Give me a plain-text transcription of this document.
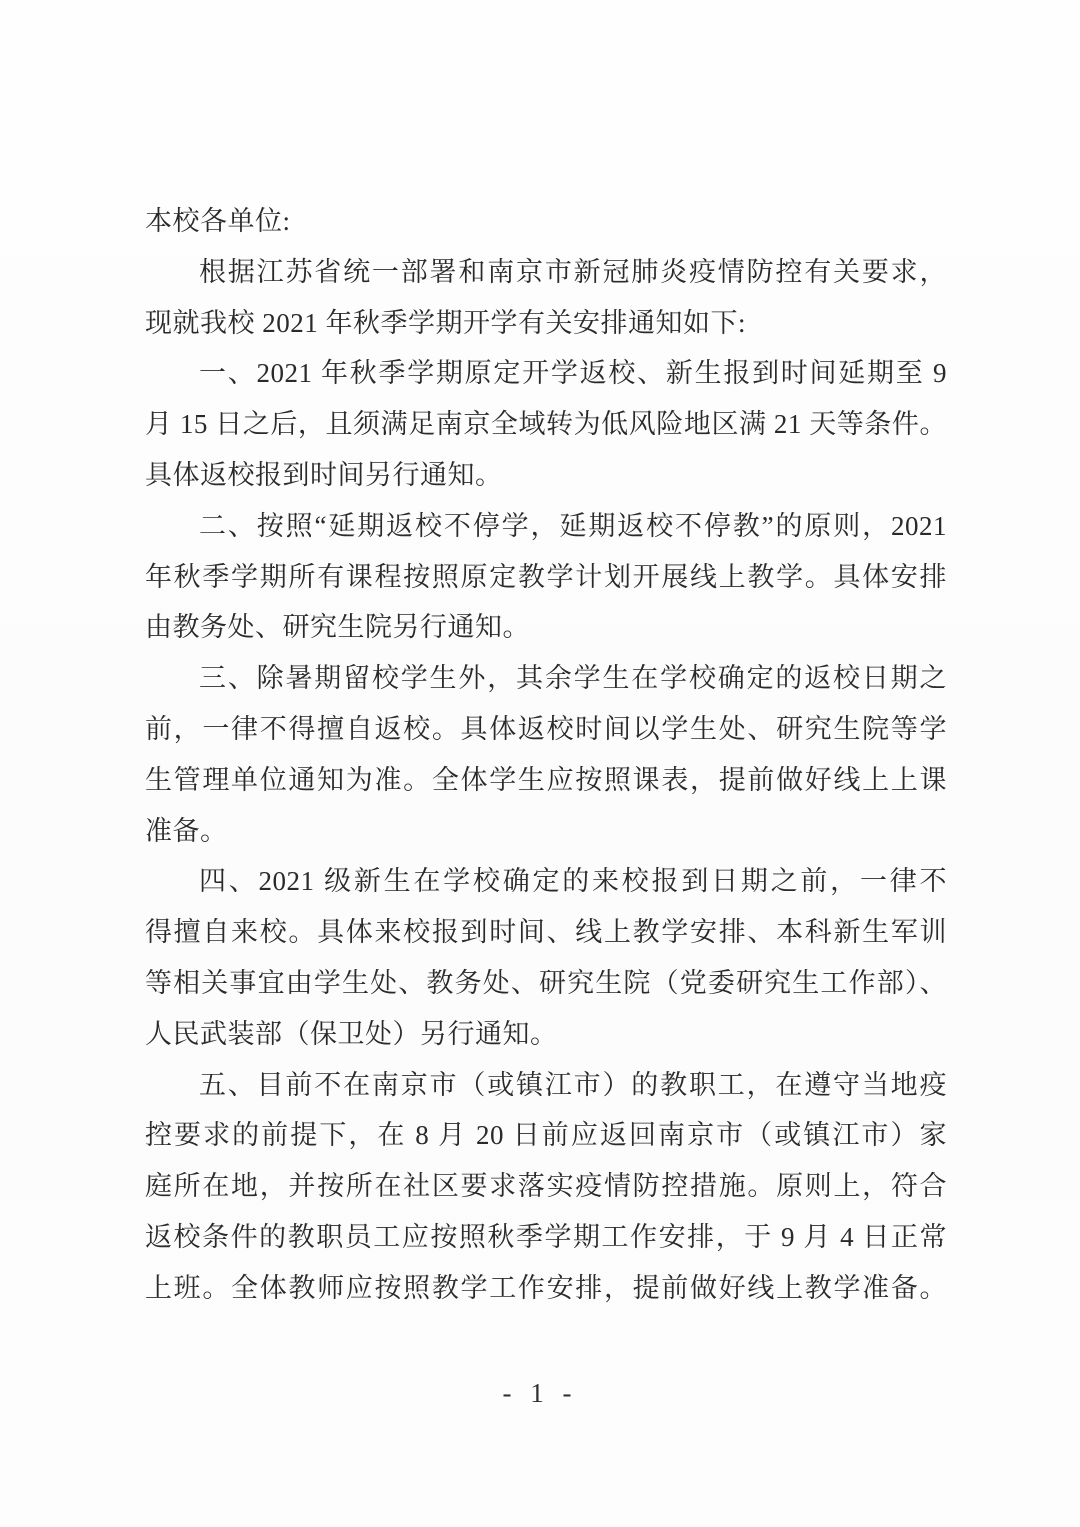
本校各单位:
根据江苏省统一部署和南京市新冠肺炎疫情防控有关要求，
现就我校 2021 年秋季学期开学有关安排通知如下:
一、2021 年秋季学期原定开学返校、新生报到时间延期至 9
月 15 日之后，且须满足南京全域转为低风险地区满 21 天等条件。
具体返校报到时间另行通知。
二、按照“延期返校不停学，延期返校不停教”的原则，2021
年秋季学期所有课程按照原定教学计划开展线上教学。具体安排
由教务处、研究生院另行通知。
三、除暑期留校学生外，其余学生在学校确定的返校日期之
前，一律不得擅自返校。具体返校时间以学生处、研究生院等学
生管理单位通知为准。全体学生应按照课表，提前做好线上上课
准备。
四、2021 级新生在学校确定的来校报到日期之前，一律不
得擅自来校。具体来校报到时间、线上教学安排、本科新生军训
等相关事宜由学生处、教务处、研究生院（党委研究生工作部）、
人民武装部（保卫处）另行通知。
五、目前不在南京市（或镇江市）的教职工，在遵守当地疫
控要求的前提下，在 8 月 20 日前应返回南京市（或镇江市）家
庭所在地，并按所在社区要求落实疫情防控措施。原则上，符合
返校条件的教职员工应按照秋季学期工作安排，于 9 月 4 日正常
上班。全体教师应按照教学工作安排，提前做好线上教学准备。
- 1 -
